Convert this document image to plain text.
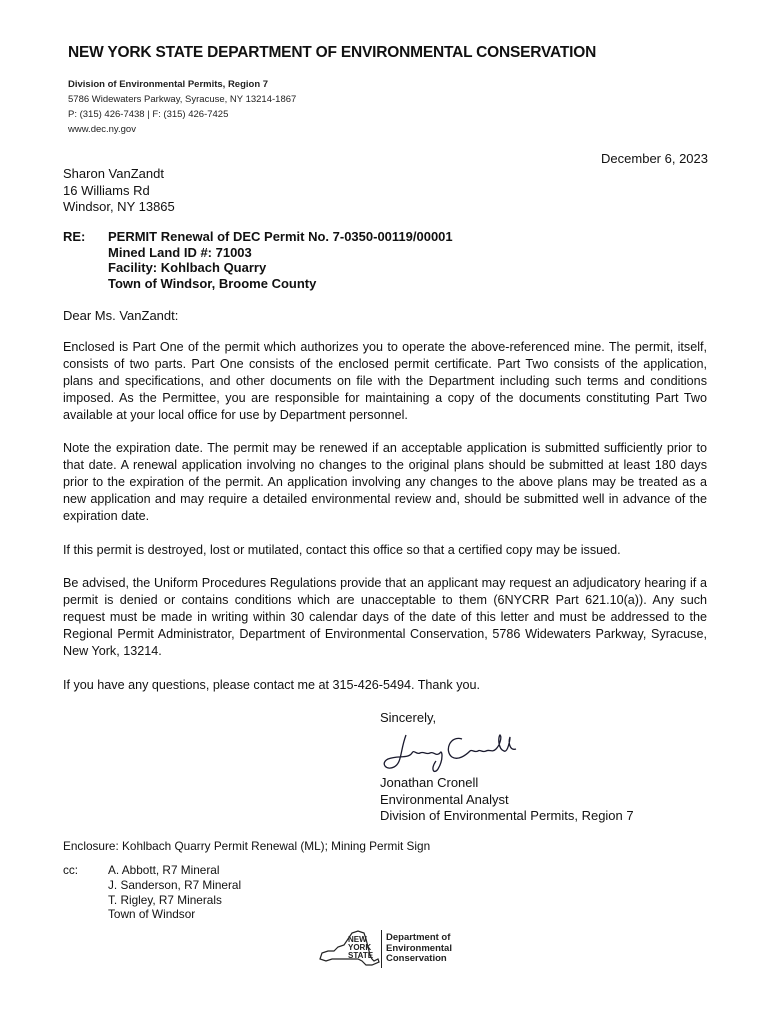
NEW YORK STATE DEPARTMENT OF ENVIRONMENTAL CONSERVATION
Division of Environmental Permits, Region 7
5786 Widewaters Parkway, Syracuse, NY 13214-1867
P: (315) 426-7438 | F: (315) 426-7425
www.dec.ny.gov
December 6, 2023
Sharon VanZandt
16 Williams Rd
Windsor, NY 13865
RE: PERMIT Renewal of DEC Permit No. 7-0350-00119/00001
Mined Land ID #: 71003
Facility: Kohlbach Quarry
Town of Windsor, Broome County
Dear Ms. VanZandt:
Enclosed is Part One of the permit which authorizes you to operate the above-referenced mine. The permit, itself, consists of two parts. Part One consists of the enclosed permit certificate. Part Two consists of the application, plans and specifications, and other documents on file with the Department including such terms and conditions imposed. As the Permittee, you are responsible for maintaining a copy of the documents constituting Part Two available at your local office for use by Department personnel.
Note the expiration date. The permit may be renewed if an acceptable application is submitted sufficiently prior to that date. A renewal application involving no changes to the original plans should be submitted at least 180 days prior to the expiration of the permit. An application involving any changes to the above plans may be treated as a new application and may require a detailed environmental review and, should be submitted well in advance of the expiration date.
If this permit is destroyed, lost or mutilated, contact this office so that a certified copy may be issued.
Be advised, the Uniform Procedures Regulations provide that an applicant may request an adjudicatory hearing if a permit is denied or contains conditions which are unacceptable to them (6NYCRR Part 621.10(a)). Any such request must be made in writing within 30 calendar days of the date of this letter and must be addressed to the Regional Permit Administrator, Department of Environmental Conservation, 5786 Widewaters Parkway, Syracuse, New York, 13214.
If you have any questions, please contact me at 315-426-5494. Thank you.
Sincerely,
Jonathan Cronell
Jonathan Cronell
Environmental Analyst
Division of Environmental Permits, Region 7
Enclosure: Kohlbach Quarry Permit Renewal (ML); Mining Permit Sign
cc:	A. Abbott, R7 Mineral
J. Sanderson, R7 Mineral
T. Rigley, R7 Minerals
Town of Windsor
NEW
YORK
STATE
Department of
Environmental
Conservation
